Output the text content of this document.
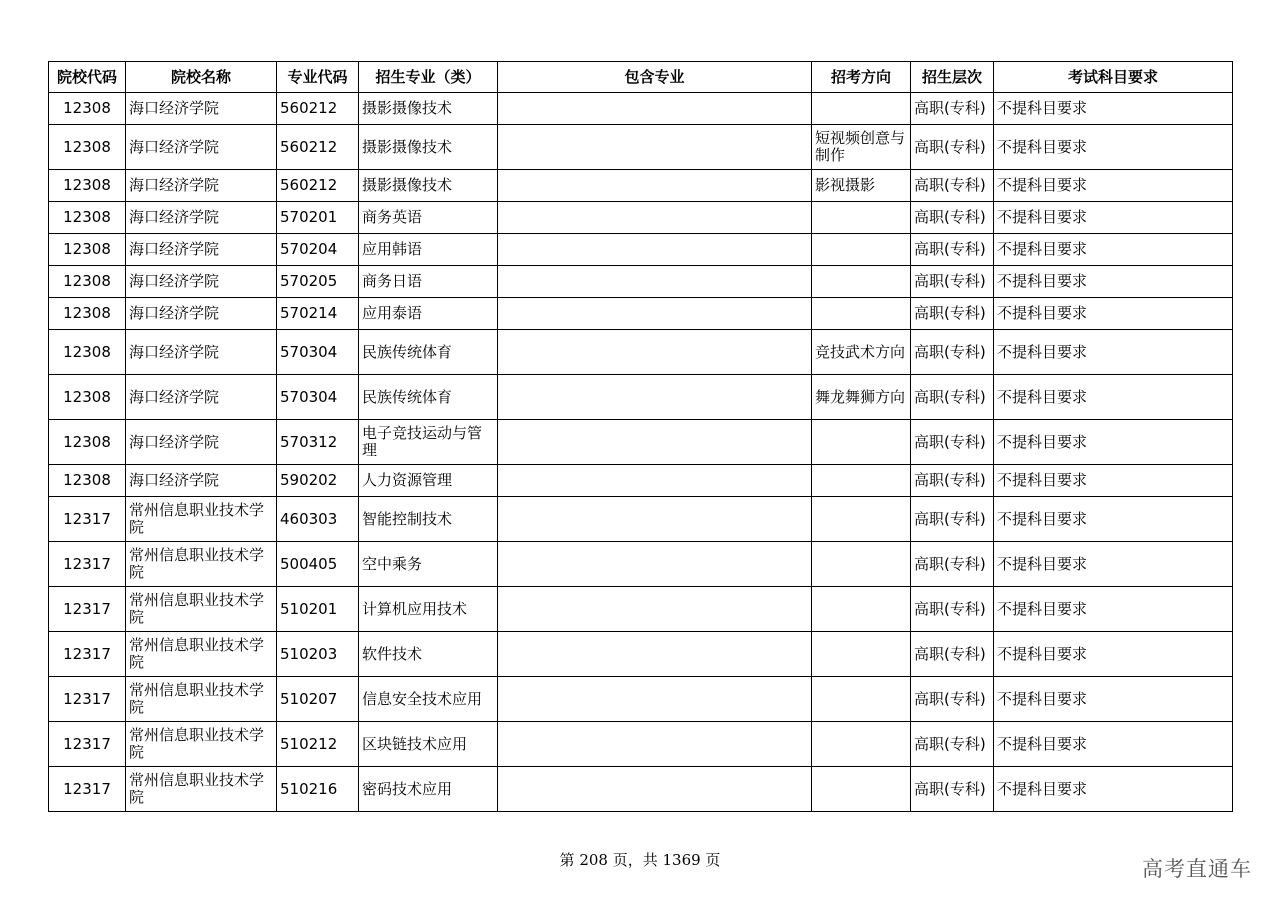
院校代码	院校名称	专业代码	招生专业（类）	包含专业	招考方向	招生层次	考试科目要求
12308	海口经济学院	560212	摄影摄像技术			高职(专科)	不提科目要求
12308	海口经济学院	560212	摄影摄像技术		短视频创意与制作	高职(专科)	不提科目要求
12308	海口经济学院	560212	摄影摄像技术		影视摄影	高职(专科)	不提科目要求
12308	海口经济学院	570201	商务英语			高职(专科)	不提科目要求
12308	海口经济学院	570204	应用韩语			高职(专科)	不提科目要求
12308	海口经济学院	570205	商务日语			高职(专科)	不提科目要求
12308	海口经济学院	570214	应用泰语			高职(专科)	不提科目要求
12308	海口经济学院	570304	民族传统体育		竞技武术方向	高职(专科)	不提科目要求
12308	海口经济学院	570304	民族传统体育		舞龙舞狮方向	高职(专科)	不提科目要求
12308	海口经济学院	570312	电子竞技运动与管理			高职(专科)	不提科目要求
12308	海口经济学院	590202	人力资源管理			高职(专科)	不提科目要求
12317	常州信息职业技术学院	460303	智能控制技术			高职(专科)	不提科目要求
12317	常州信息职业技术学院	500405	空中乘务			高职(专科)	不提科目要求
12317	常州信息职业技术学院	510201	计算机应用技术			高职(专科)	不提科目要求
12317	常州信息职业技术学院	510203	软件技术			高职(专科)	不提科目要求
12317	常州信息职业技术学院	510207	信息安全技术应用			高职(专科)	不提科目要求
12317	常州信息职业技术学院	510212	区块链技术应用			高职(专科)	不提科目要求
12317	常州信息职业技术学院	510216	密码技术应用			高职(专科)	不提科目要求
第 208 页，共 1369 页	高考直通车
